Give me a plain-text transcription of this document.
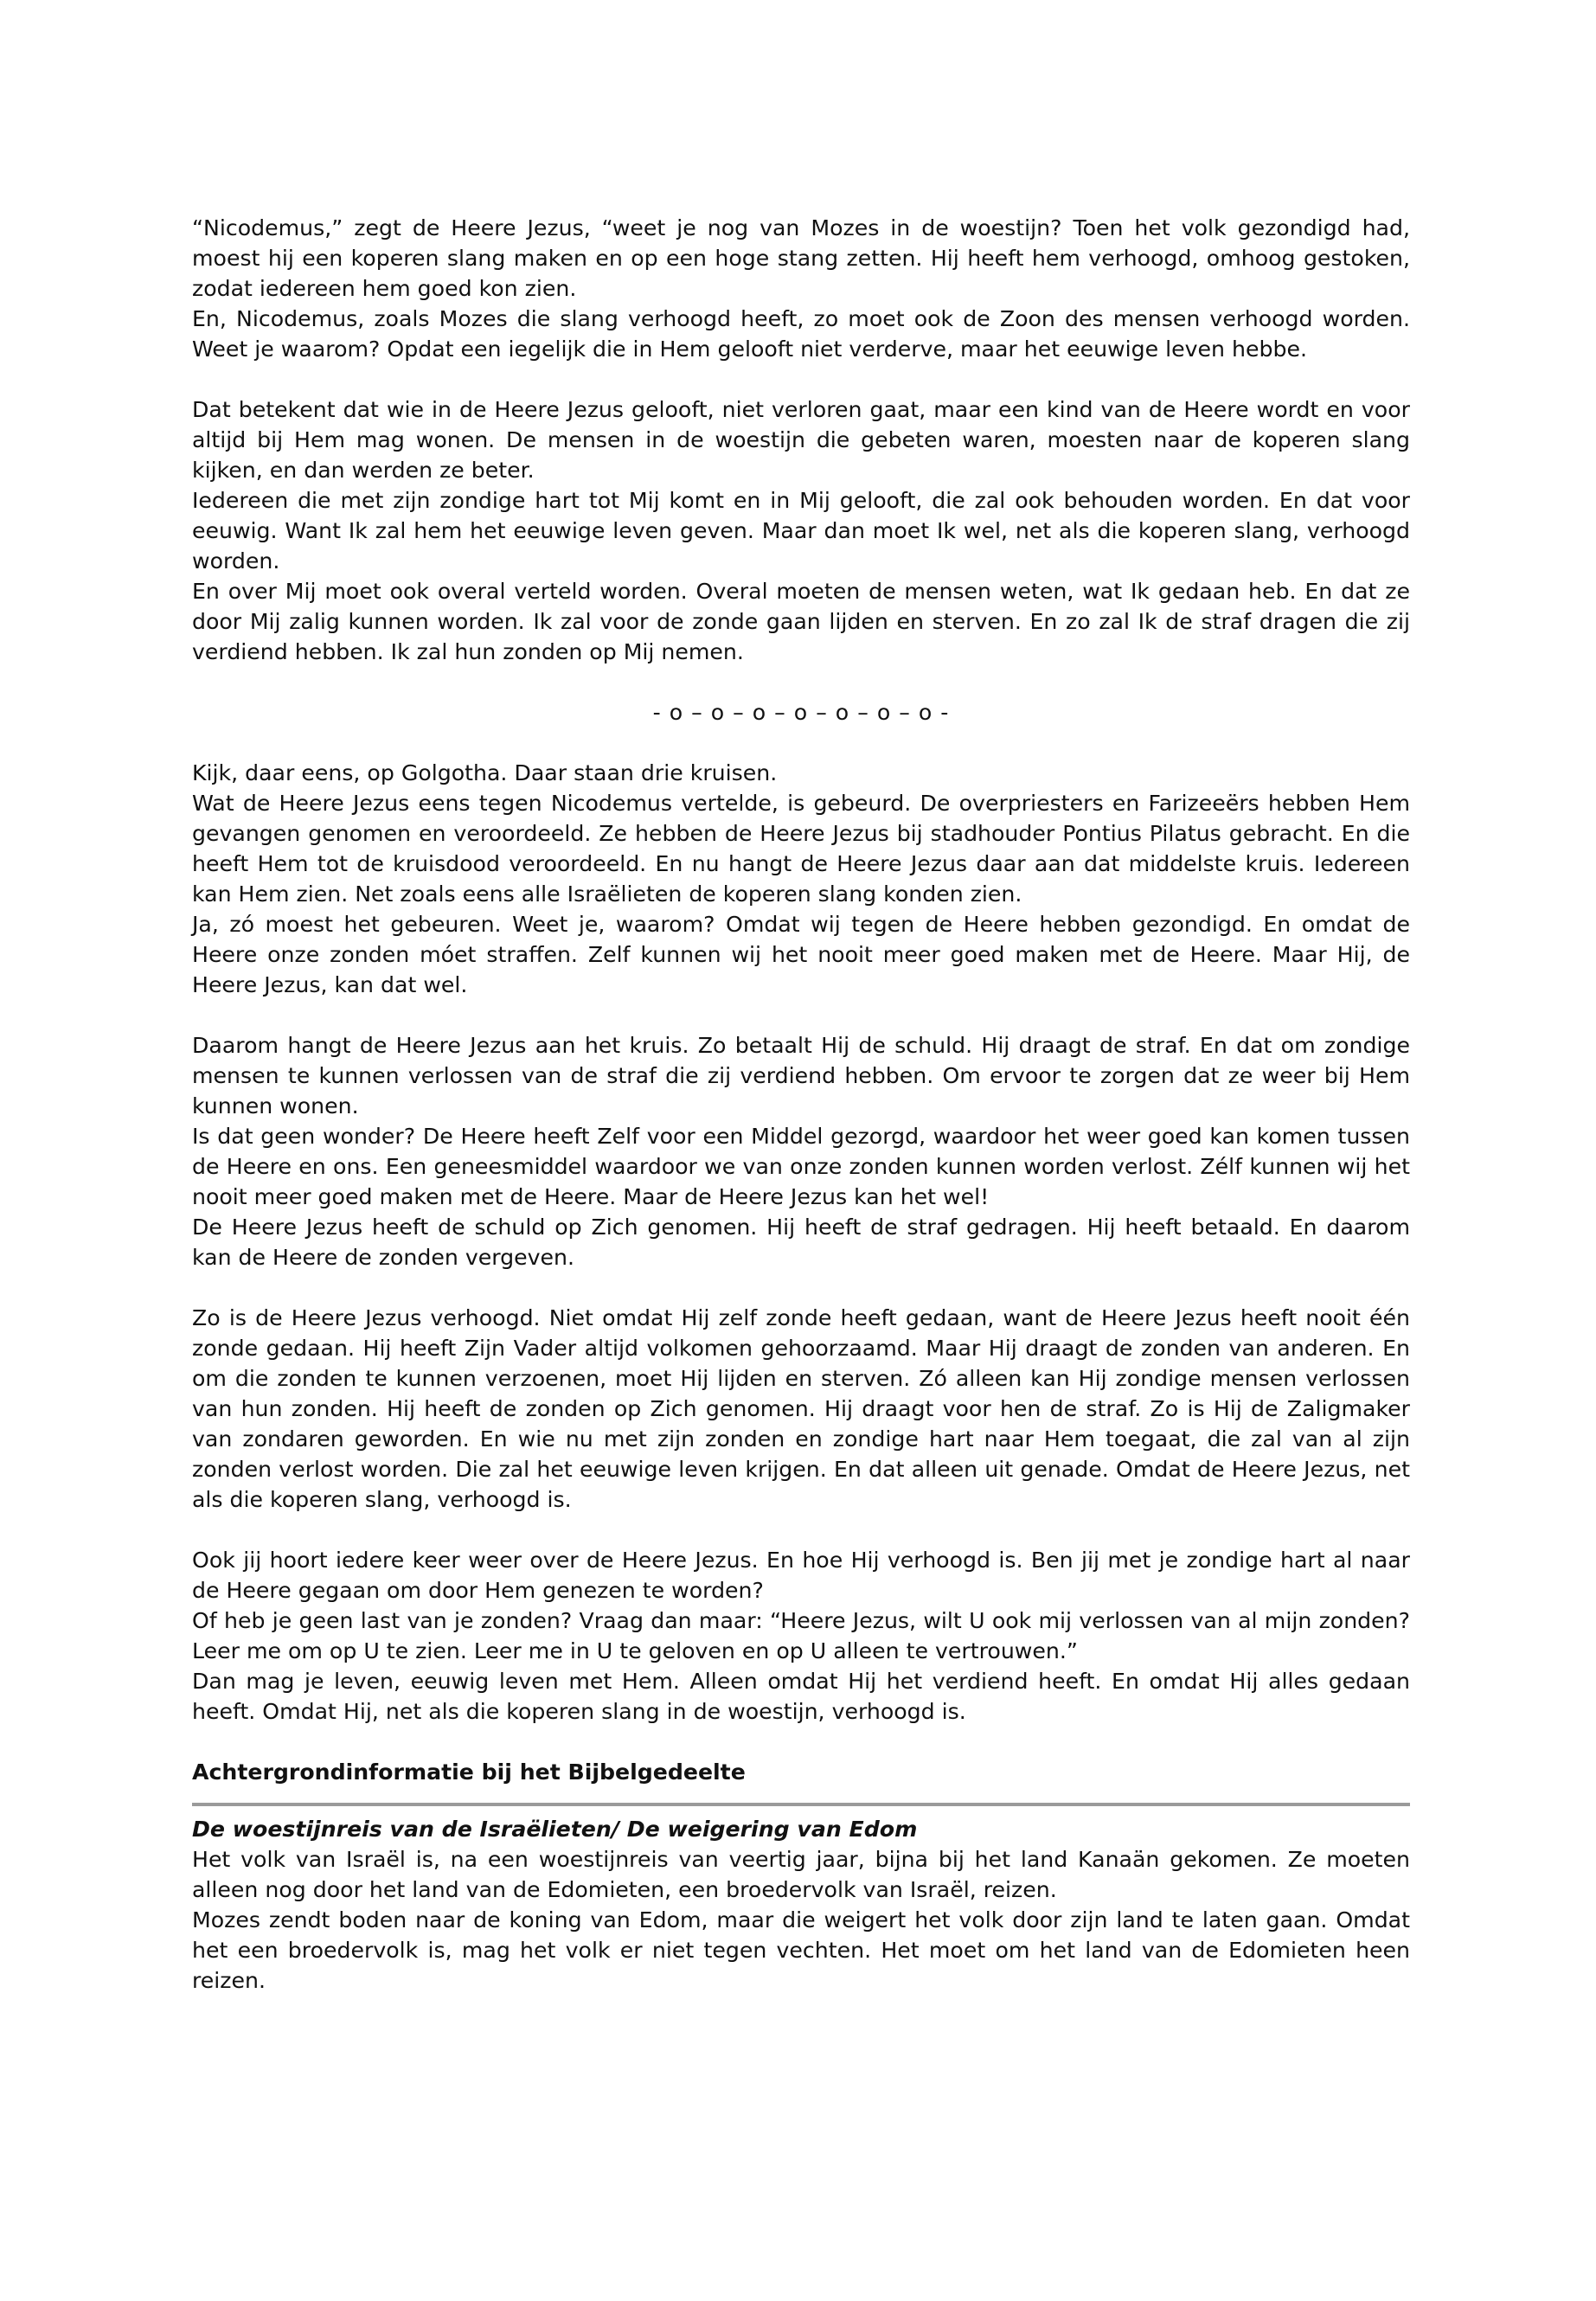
“Nicodemus,” zegt de Heere Jezus, “weet je nog van Mozes in de woestijn? Toen het volk gezondigd had, moest hij een koperen slang maken en op een hoge stang zetten. Hij heeft hem verhoogd, omhoog gestoken, zodat iedereen hem goed kon zien.

En, Nicodemus, zoals Mozes die slang verhoogd heeft, zo moet ook de Zoon des mensen verhoogd worden. Weet je waarom? Opdat een iegelijk die in Hem gelooft niet verderve, maar het eeuwige leven hebbe.

Dat betekent dat wie in de Heere Jezus gelooft, niet verloren gaat, maar een kind van de Heere wordt en voor altijd bij Hem mag wonen. De mensen in de woestijn die gebeten waren, moesten naar de koperen slang kijken, en dan werden ze beter.

Iedereen die met zijn zondige hart tot Mij komt en in Mij gelooft, die zal ook behouden worden. En dat voor eeuwig. Want Ik zal hem het eeuwige leven geven. Maar dan moet Ik wel, net als die koperen slang, verhoogd worden.

En over Mij moet ook overal verteld worden. Overal moeten de mensen weten, wat Ik gedaan heb. En dat ze door Mij zalig kunnen worden. Ik zal voor de zonde gaan lijden en sterven. En zo zal Ik de straf dragen die zij verdiend hebben. Ik zal hun zonden op Mij nemen.

- o – o – o – o – o – o – o -

Kijk, daar eens, op Golgotha. Daar staan drie kruisen.

Wat de Heere Jezus eens tegen Nicodemus vertelde, is gebeurd. De overpriesters en Farizeeërs hebben Hem gevangen genomen en veroordeeld. Ze hebben de Heere Jezus bij stadhouder Pontius Pilatus gebracht. En die heeft Hem tot de kruisdood veroordeeld. En nu hangt de Heere Jezus daar aan dat middelste kruis. Iedereen kan Hem zien. Net zoals eens alle Israëlieten de koperen slang konden zien.

Ja, zó moest het gebeuren. Weet je, waarom? Omdat wij tegen de Heere hebben gezondigd. En omdat de Heere onze zonden móet straffen. Zelf kunnen wij het nooit meer goed maken met de Heere. Maar Hij, de Heere Jezus, kan dat wel.

Daarom hangt de Heere Jezus aan het kruis. Zo betaalt Hij de schuld. Hij draagt de straf. En dat om zondige mensen te kunnen verlossen van de straf die zij verdiend hebben. Om ervoor te zorgen dat ze weer bij Hem kunnen wonen.

Is dat geen wonder? De Heere heeft Zelf voor een Middel gezorgd, waardoor het weer goed kan komen tussen de Heere en ons. Een geneesmiddel waardoor we van onze zonden kunnen worden verlost. Zélf kunnen wij het nooit meer goed maken met de Heere. Maar de Heere Jezus kan het wel!

De Heere Jezus heeft de schuld op Zich genomen. Hij heeft de straf gedragen. Hij heeft betaald. En daarom kan de Heere de zonden vergeven.

Zo is de Heere Jezus verhoogd. Niet omdat Hij zelf zonde heeft gedaan, want de Heere Jezus heeft nooit één zonde gedaan. Hij heeft Zijn Vader altijd volkomen gehoorzaamd. Maar Hij draagt de zonden van anderen. En om die zonden te kunnen verzoenen, moet Hij lijden en sterven. Zó alleen kan Hij zondige mensen verlossen van hun zonden. Hij heeft de zonden op Zich genomen. Hij draagt voor hen de straf. Zo is Hij de Zaligmaker van zondaren geworden. En wie nu met zijn zonden en zondige hart naar Hem toegaat, die zal van al zijn zonden verlost worden. Die zal het eeuwige leven krijgen. En dat alleen uit genade. Omdat de Heere Jezus, net als die koperen slang, verhoogd is.

Ook jij hoort iedere keer weer over de Heere Jezus. En hoe Hij verhoogd is. Ben jij met je zondige hart al naar de Heere gegaan om door Hem genezen te worden?

Of heb je geen last van je zonden? Vraag dan maar: “Heere Jezus, wilt U ook mij verlossen van al mijn zonden? Leer me om op U te zien. Leer me in U te geloven en op U alleen te vertrouwen.”

Dan mag je leven, eeuwig leven met Hem. Alleen omdat Hij het verdiend heeft. En omdat Hij alles gedaan heeft. Omdat Hij, net als die koperen slang in de woestijn, verhoogd is.

Achtergrondinformatie bij het Bijbelgedeelte
De woestijnreis van de Israëlieten/ De weigering van Edom

Het volk van Israël is, na een woestijnreis van veertig jaar, bijna bij het land Kanaän gekomen. Ze moeten alleen nog door het land van de Edomieten, een broedervolk van Israël, reizen.

Mozes zendt boden naar de koning van Edom, maar die weigert het volk door zijn land te laten gaan. Omdat het een broedervolk is, mag het volk er niet tegen vechten. Het moet om het land van de Edomieten heen reizen.
